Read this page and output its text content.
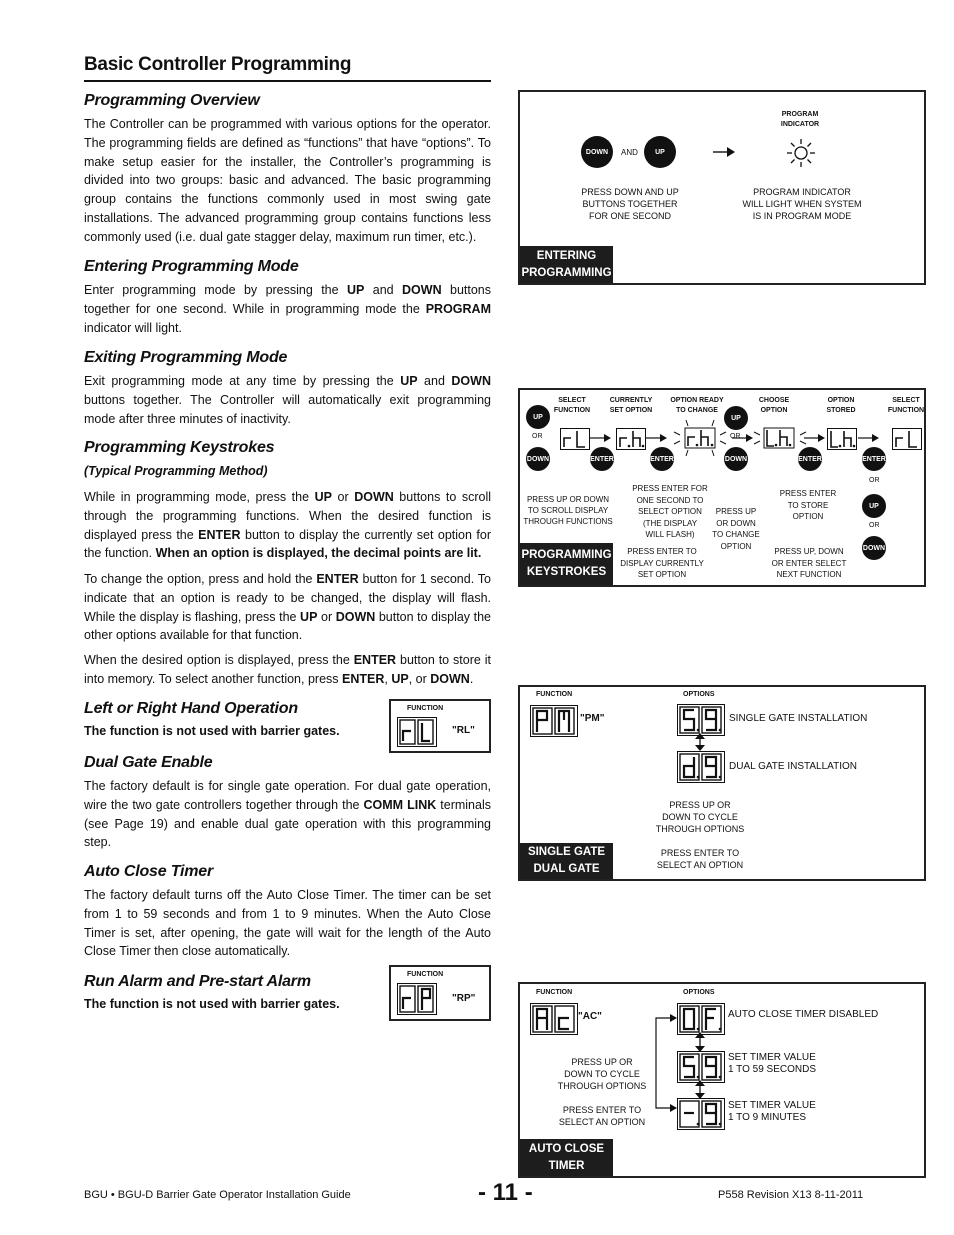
Basic Controller Programming
Programming Overview

The Controller can be programmed with various options for the operator. The programming fields are defined as “functions” that have “options”. To make setup easier for the installer, the Controller’s programming is divided into two groups: basic and advanced. The basic programming group contains the functions commonly used in most swing gate installations. The advanced programming group contains functions less commonly used (i.e. dual gate stagger delay, maximum run timer, etc.).

Entering Programming Mode

Enter programming mode by pressing the UP and DOWN buttons together for one second. While in programming mode the PROGRAM indicator will light.

Exiting Programming Mode

Exit programming mode at any time by pressing the UP and DOWN buttons together. The Controller will automatically exit programming mode after three minutes of inactivity.

Programming Keystrokes
(Typical Programming Method)

While in programming mode, press the UP or DOWN buttons to scroll through the programming functions. When the desired function is displayed press the ENTER button to display the currently set option for the function. When an option is displayed, the decimal points are lit.

To change the option, press and hold the ENTER button for 1 second. To indicate that an option is ready to be changed, the display will flash. While the display is flashing, press the UP or DOWN button to display the other options available for that function.

When the desired option is displayed, press the ENTER button to store it into memory. To select another function, press ENTER, UP, or DOWN.

Left or Right Hand Operation
The function is not used with barrier gates.
Dual Gate Enable

The factory default is for single gate operation. For dual gate operation, wire the two gate controllers together through the COMM LINK terminals (see Page 19) and enable dual gate operation with this programming step.

Auto Close Timer

The factory default turns off the Auto Close Timer. The timer can be set from 1 to 59 seconds and from 1 to 9 minutes. When the Auto Close Timer is set, after opening, the gate will wait for the length of the Auto Close Timer then close automatically.

Run Alarm and Pre-start Alarm
The function is not used with barrier gates.
FUNCTION
"RL"
FUNCTION
"RP"
DOWN	AND	UP
PROGRAM
INDICATOR
PRESS DOWN AND UP
BUTTONS TOGETHER
FOR ONE SECOND
PROGRAM INDICATOR
WILL LIGHT WHEN SYSTEM
IS IN PROGRAM MODE
ENTERING
PROGRAMMING
SELECT
FUNCTION
CURRENTLY
SET OPTION
OPTION READY
TO CHANGE
CHOOSE
OPTION
OPTION
STORED
SELECT
FUNCTION
UP
OR
DOWN
UP
OR
DOWN
ENTER	ENTER	ENTER	ENTER
OR
UP
OR
DOWN
PRESS UP OR DOWN
TO SCROLL DISPLAY
THROUGH FUNCTIONS
PRESS ENTER FOR
ONE SECOND TO
SELECT OPTION
(THE DISPLAY
WILL FLASH)
PRESS ENTER TO
DISPLAY CURRENTLY
SET OPTION
PRESS UP
OR DOWN
TO CHANGE
OPTION
PRESS ENTER
TO STORE
OPTION
PRESS UP, DOWN
OR ENTER SELECT
NEXT FUNCTION
PROGRAMMING
KEYSTROKES
FUNCTION	OPTIONS
"PM"	SINGLE GATE INSTALLATION
DUAL GATE INSTALLATION
PRESS UP OR
DOWN TO CYCLE
THROUGH OPTIONS
PRESS ENTER TO
SELECT AN OPTION
SINGLE GATE
DUAL GATE
FUNCTION	OPTIONS
"AC"	AUTO CLOSE TIMER DISABLED
SET TIMER VALUE
1 TO 59 SECONDS
SET TIMER VALUE
1 TO 9 MINUTES
PRESS UP OR
DOWN TO CYCLE
THROUGH OPTIONS
PRESS ENTER TO
SELECT AN OPTION
AUTO CLOSE
TIMER
BGU • BGU-D Barrier Gate Operator Installation Guide	- 11 -	P558 Revision X13 8-11-2011
